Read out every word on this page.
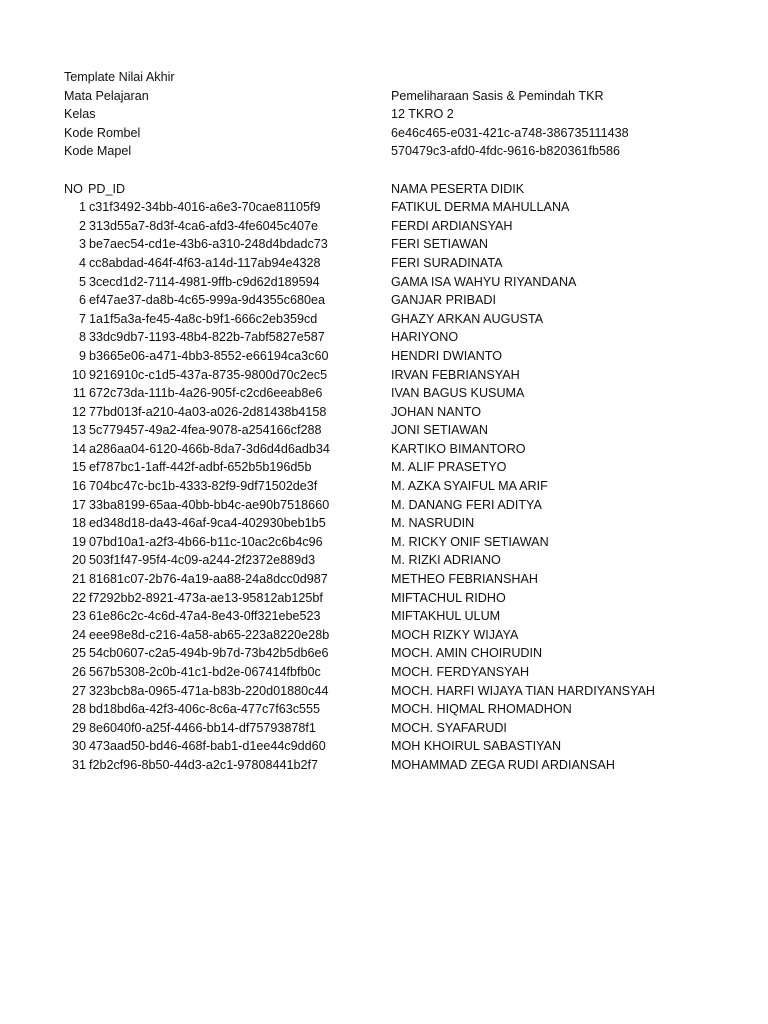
Template Nilai Akhir
Mata Pelajaran	Pemeliharaan Sasis & Pemindah TKR
Kelas	12 TKRO 2
Kode Rombel	6e46c465-e031-421c-a748-386735111438
Kode Mapel	570479c3-afd0-4fdc-9616-b820361fb586
NO PD_ID	NAMA PESERTA DIDIK
1 c31f3492-34bb-4016-a6e3-70cae81105f9	FATIKUL DERMA MAHULLANA
2 313d55a7-8d3f-4ca6-afd3-4fe6045c407e	FERDI ARDIANSYAH
3 be7aec54-cd1e-43b6-a310-248d4bdadc73	FERI SETIAWAN
4 cc8abdad-464f-4f63-a14d-117ab94e4328	FERI SURADINATA
5 3cecd1d2-7114-4981-9ffb-c9d62d189594	GAMA ISA WAHYU RIYANDANA
6 ef47ae37-da8b-4c65-999a-9d4355c680ea	GANJAR PRIBADI
7 1a1f5a3a-fe45-4a8c-b9f1-666c2eb359cd	GHAZY ARKAN AUGUSTA
8 33dc9db7-1193-48b4-822b-7abf5827e587	HARIYONO
9 b3665e06-a471-4bb3-8552-e66194ca3c60	HENDRI DWIANTO
10 9216910c-c1d5-437a-8735-9800d70c2ec5	IRVAN FEBRIANSYAH
11 672c73da-111b-4a26-905f-c2cd6eeab8e6	IVAN BAGUS KUSUMA
12 77bd013f-a210-4a03-a026-2d81438b4158	JOHAN NANTO
13 5c779457-49a2-4fea-9078-a254166cf288	JONI SETIAWAN
14 a286aa04-6120-466b-8da7-3d6d4d6adb34	KARTIKO BIMANTORO
15 ef787bc1-1aff-442f-adbf-652b5b196d5b	M. ALIF PRASETYO
16 704bc47c-bc1b-4333-82f9-9df71502de3f	M. AZKA SYAIFUL MA ARIF
17 33ba8199-65aa-40bb-bb4c-ae90b7518660	M. DANANG FERI ADITYA
18 ed348d18-da43-46af-9ca4-402930beb1b5	M. NASRUDIN
19 07bd10a1-a2f3-4b66-b11c-10ac2c6b4c96	M. RICKY ONIF SETIAWAN
20 503f1f47-95f4-4c09-a244-2f2372e889d3	M. RIZKI ADRIANO
21 81681c07-2b76-4a19-aa88-24a8dcc0d987	METHEO FEBRIANSHAH
22 f7292bb2-8921-473a-ae13-95812ab125bf	MIFTACHUL RIDHO
23 61e86c2c-4c6d-47a4-8e43-0ff321ebe523	MIFTAKHUL ULUM
24 eee98e8d-c216-4a58-ab65-223a8220e28b	MOCH RIZKY WIJAYA
25 54cb0607-c2a5-494b-9b7d-73b42b5db6e6	MOCH. AMIN CHOIRUDIN
26 567b5308-2c0b-41c1-bd2e-067414fbfb0c	MOCH. FERDYANSYAH
27 323bcb8a-0965-471a-b83b-220d01880c44	MOCH. HARFI WIJAYA TIAN HARDIYANSYAH
28 bd18bd6a-42f3-406c-8c6a-477c7f63c555	MOCH. HIQMAL RHOMADHON
29 8e6040f0-a25f-4466-bb14-df75793878f1	MOCH. SYAFARUDI
30 473aad50-bd46-468f-bab1-d1ee44c9dd60	MOH KHOIRUL SABASTIYAN
31 f2b2cf96-8b50-44d3-a2c1-97808441b2f7	MOHAMMAD ZEGA RUDI ARDIANSAH
